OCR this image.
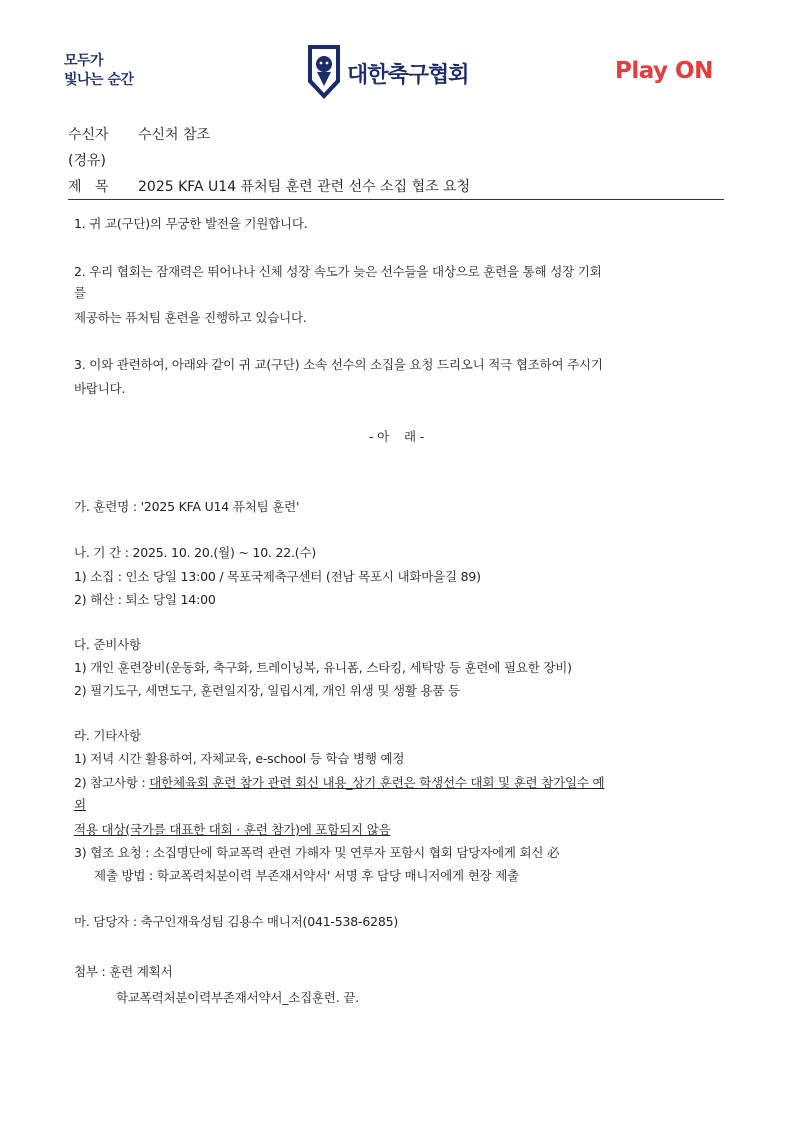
모두가
빛나는 순간	대한축구협회	Play ON
수신자 수신처 참조
(경유)
제   목 2025 KFA U14 퓨처팀 훈련 관련 선수 소집 협조 요청
1. 귀 교(구단)의 무궁한 발전을 기원합니다.
2. 우리 협회는 잠재력은 뛰어나나 신체 성장 속도가 늦은 선수들을 대상으로 훈련을 통해 성장 기회
를
제공하는 퓨처팀 훈련을 진행하고 있습니다.
3. 이와 관련하여, 아래와 같이 귀 교(구단) 소속 선수의 소집을 요청 드리오니 적극 협조하여 주시기
바랍니다.
- 아    래 -
가. 훈련명 : '2025 KFA U14 퓨처팀 훈련'
나. 기 간 : 2025. 10. 20.(월) ~ 10. 22.(수)
1) 소집 : 인소 당일 13:00 / 목포국제축구센터 (전남 목포시 내화마을길 89)
2) 해산 : 퇴소 당일 14:00
다. 준비사항
1) 개인 훈련장비(운동화, 축구화, 트레이닝복, 유니폼, 스타킹, 세탁망 등 훈련에 필요한 장비)
2) 필기도구, 세면도구, 훈련일지장, 일립시계, 개인 위생 및 생활 용품 등
라. 기타사항
1) 저녁 시간 활용하여, 자체교육, e-school 등 학습 병행 예정
2) 참고사항 : 대한체육회 훈련 참가 관련 회신 내용_상기 훈련은 학생선수 대회 및 훈련 참가일수 예
외
적용 대상(국가를 대표한 대회 · 훈련 참가)에 포함되지 않음
3) 협조 요청 : 소집명단에 학교폭력 관련 가해자 및 연루자 포함시 협회 담당자에게 회신 必
제출 방법 : 학교폭력처분이력 부존재서약서' 서명 후 담당 매니저에게 현장 제출
마. 담당자 : 축구인재육성팀 김용수 매니저(041-538-6285)
첨부 : 훈련 계획서
학교폭력처분이력부존재서약서_소집훈련. 끝.
